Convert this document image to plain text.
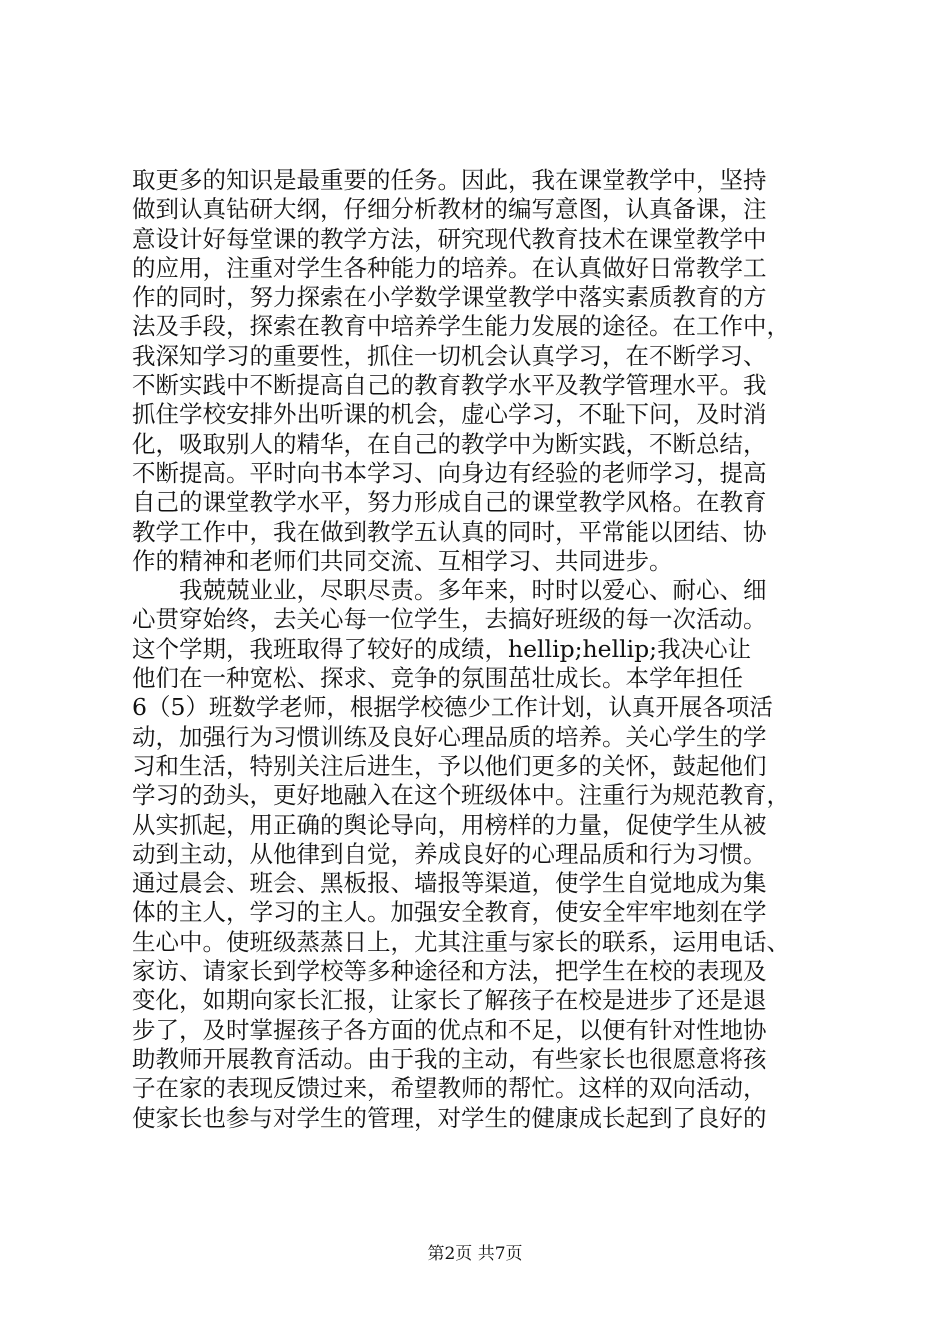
取更多的知识是最重要的任务。因此，我在课堂教学中，坚持
做到认真钻研大纲，仔细分析教材的编写意图，认真备课，注
意设计好每堂课的教学方法，研究现代教育技术在课堂教学中
的应用，注重对学生各种能力的培养。在认真做好日常教学工
作的同时，努力探索在小学数学课堂教学中落实素质教育的方
法及手段，探索在教育中培养学生能力发展的途径。在工作中，
我深知学习的重要性，抓住一切机会认真学习，在不断学习、
不断实践中不断提高自己的教育教学水平及教学管理水平。我
抓住学校安排外出听课的机会，虚心学习，不耻下问，及时消
化，吸取别人的精华，在自己的教学中为断实践，不断总结，
不断提高。平时向书本学习、向身边有经验的老师学习，提高
自己的课堂教学水平，努力形成自己的课堂教学风格。在教育
教学工作中，我在做到教学五认真的同时，平常能以团结、协
作的精神和老师们共同交流、互相学习、共同进步。
　　我兢兢业业，尽职尽责。多年来，时时以爱心、耐心、细
心贯穿始终，去关心每一位学生，去搞好班级的每一次活动。
这个学期，我班取得了较好的成绩，hellip;hellip;我决心让
他们在一种宽松、探求、竞争的氛围茁壮成长。本学年担任
6（5）班数学老师，根据学校德少工作计划，认真开展各项活
动，加强行为习惯训练及良好心理品质的培养。关心学生的学
习和生活，特别关注后进生，予以他们更多的关怀，鼓起他们
学习的劲头，更好地融入在这个班级体中。注重行为规范教育，
从实抓起，用正确的舆论导向，用榜样的力量，促使学生从被
动到主动，从他律到自觉，养成良好的心理品质和行为习惯。
通过晨会、班会、黑板报、墙报等渠道，使学生自觉地成为集
体的主人，学习的主人。加强安全教育，使安全牢牢地刻在学
生心中。使班级蒸蒸日上，尤其注重与家长的联系，运用电话、
家访、请家长到学校等多种途径和方法，把学生在校的表现及
变化，如期向家长汇报，让家长了解孩子在校是进步了还是退
步了，及时掌握孩子各方面的优点和不足，以便有针对性地协
助教师开展教育活动。由于我的主动，有些家长也很愿意将孩
子在家的表现反馈过来，希望教师的帮忙。这样的双向活动，
使家长也参与对学生的管理，对学生的健康成长起到了良好的
第2页 共7页
